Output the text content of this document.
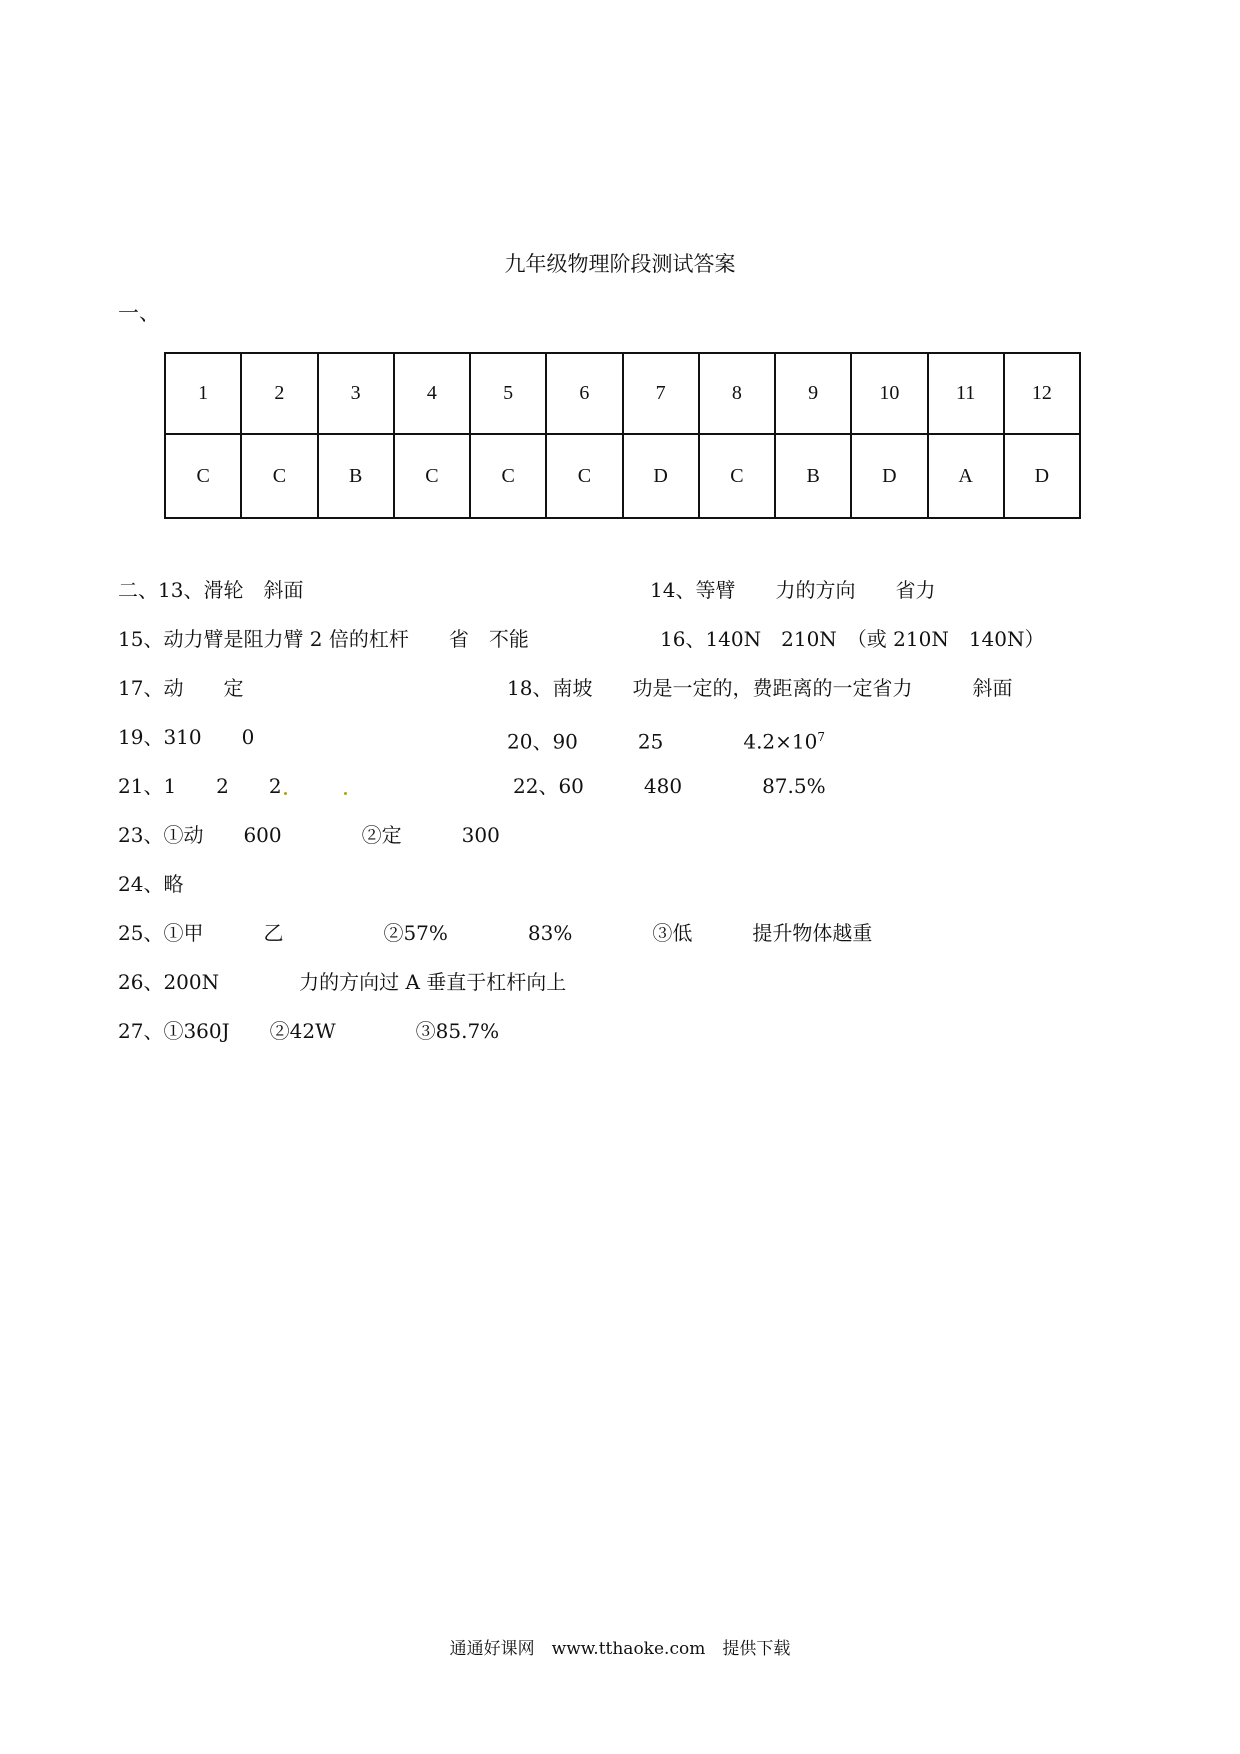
九年级物理阶段测试答案
一、
1	2	3	4	5	6	7	8	9	10	11	12
C	C	B	C	C	C	D	C	B	D	A	D
二、13、滑轮　斜面	14、等臂　　力的方向　　省力
15、动力臂是阻力臂 2 倍的杠杆　　省　不能	16、140N　210N　（或 210N　140N）
17、动　　定	18、南坡　　功是一定的，费距离的一定省力　　　斜面
19、310　　0	20、90　　　25　　　　$4.2\times 10^7$
21、1　　2　　2	22、60　　　480　　　　87.5%
23、①动　　600　　　　②定　　　300
24、略
25、①甲　　　乙　　　　　②57%　　　　83%　　　　③低　　　提升物体越重
26、200N　　　　力的方向过 A 垂直于杠杆向上
27、①360J　　②42W　　　　③85.7%
通通好课网　www.tthaoke.com　提供下载
